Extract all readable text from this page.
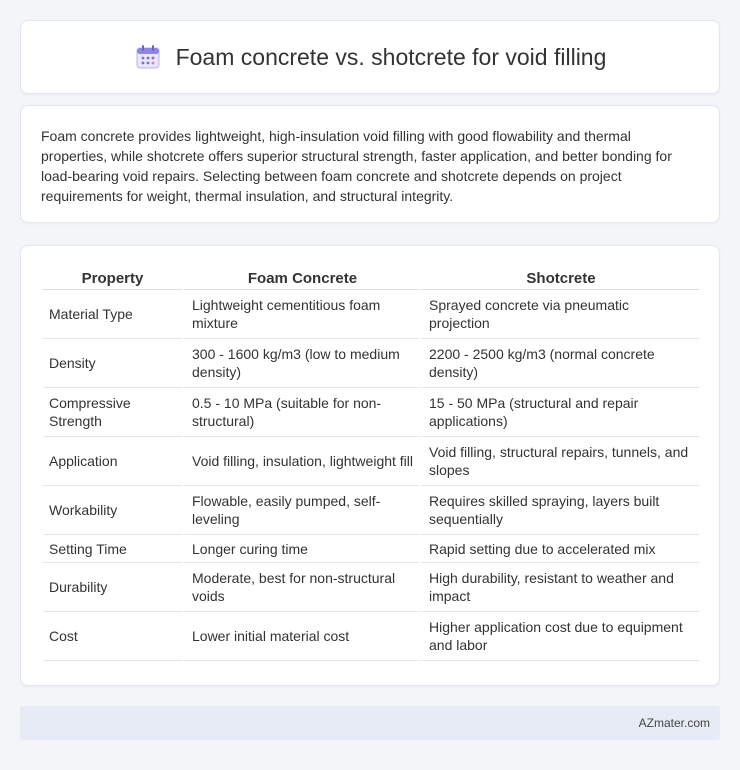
Foam concrete vs. shotcrete for void filling

Foam concrete provides lightweight, high-insulation void filling with good flowability and thermal properties, while shotcrete offers superior structural strength, faster application, and better bonding for load-bearing void repairs. Selecting between foam concrete and shotcrete depends on project requirements for weight, thermal insulation, and structural integrity.

Property	Foam Concrete	Shotcrete
Material Type	Lightweight cementitious foam mixture	Sprayed concrete via pneumatic projection
Density	300 - 1600 kg/m3 (low to medium density)	2200 - 2500 kg/m3 (normal concrete density)
Compressive Strength	0.5 - 10 MPa (suitable for non-structural)	15 - 50 MPa (structural and repair applications)
Application	Void filling, insulation, lightweight fill	Void filling, structural repairs, tunnels, and slopes
Workability	Flowable, easily pumped, self-leveling	Requires skilled spraying, layers built sequentially
Setting Time	Longer curing time	Rapid setting due to accelerated mix
Durability	Moderate, best for non-structural voids	High durability, resistant to weather and impact
Cost	Lower initial material cost	Higher application cost due to equipment and labor
AZmater.com
